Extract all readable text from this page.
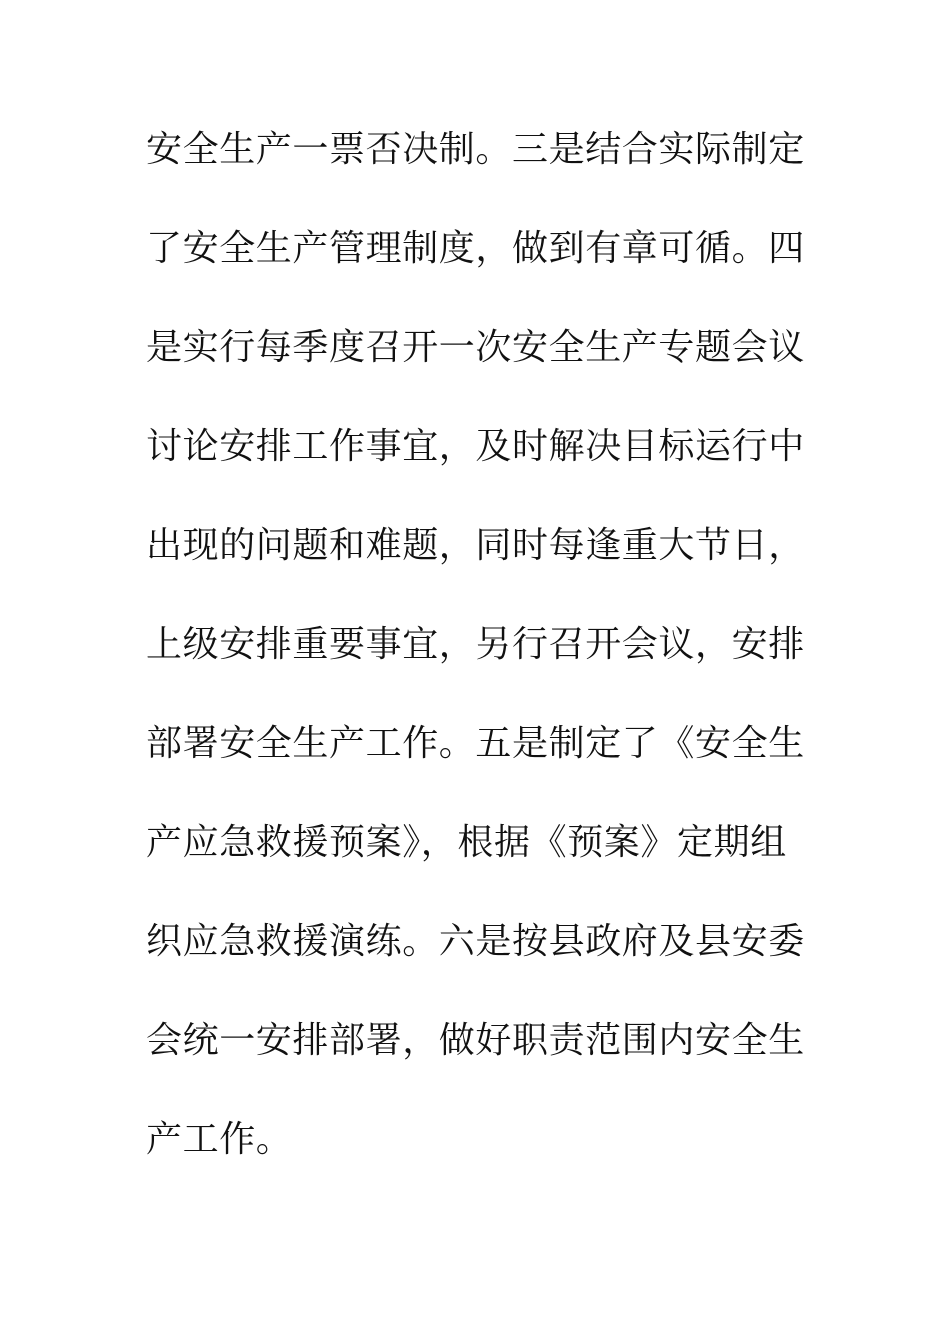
安全生产一票否决制。三是结合实际制定
了安全生产管理制度，做到有章可循。四
是实行每季度召开一次安全生产专题会议
讨论安排工作事宜，及时解决目标运行中
出现的问题和难题，同时每逢重大节日，
上级安排重要事宜，另行召开会议，安排
部署安全生产工作。五是制定了《安全生
产应急救援预案》，根据《预案》定期组
织应急救援演练。六是按县政府及县安委
会统一安排部署，做好职责范围内安全生
产工作。
